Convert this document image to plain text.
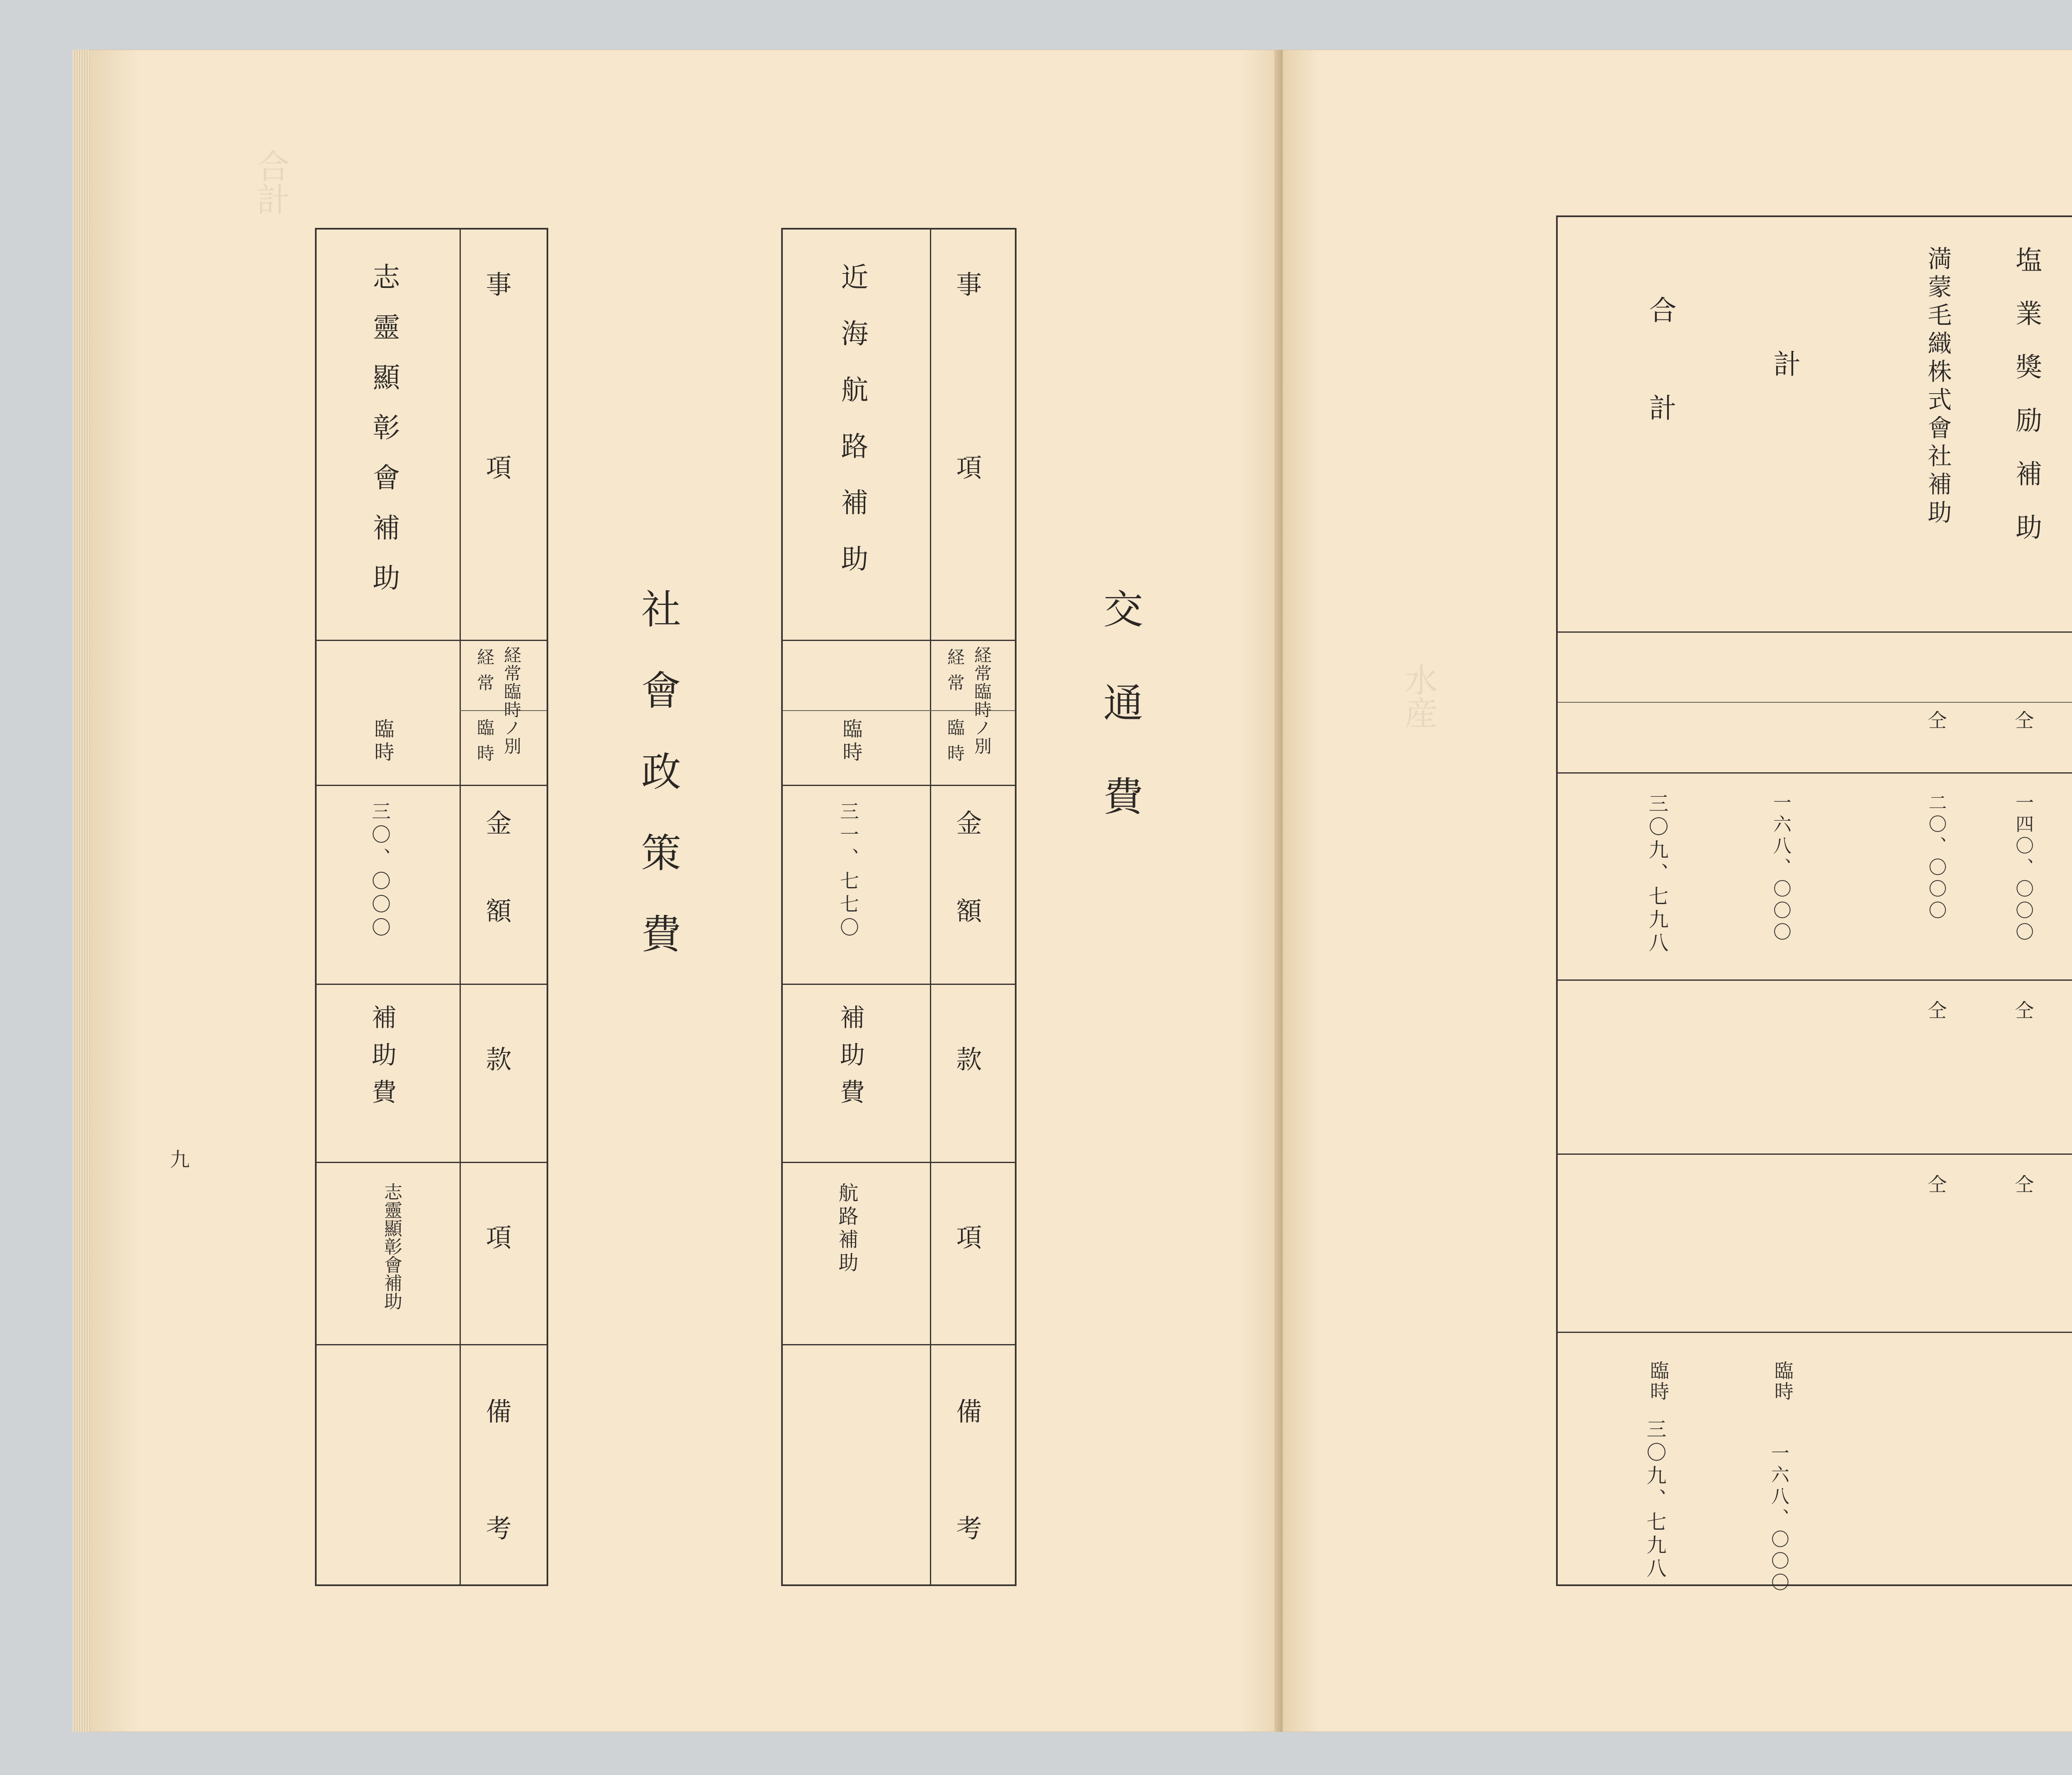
合計
事項
経常臨時ノ別
経常
臨時
金額
款
項
備考
志靈顯彰會補助
臨時
三〇、〇〇〇
補助費
志靈顯彰會補助
社會政策費
事項
経常臨時ノ別
経常
臨時
金額
款
項
備考
近海航路補助
臨時
三一、七七〇
補助費
航路補助
交通費
九
水産
塩業獎励補助
仝
一四〇、〇〇〇
仝
仝
満蒙毛織株式會社補助
仝
二〇、〇〇〇
仝
仝
計
一六八、〇〇〇
臨時
一六八、〇〇〇
合計
三〇九、七九八
臨時
三〇九、七九八
